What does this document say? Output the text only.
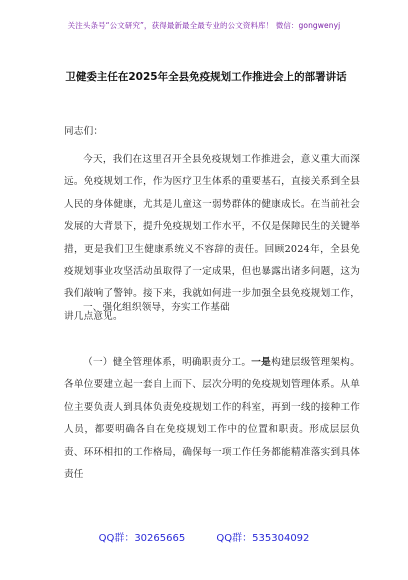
关注头条号“公文研究”，获得最新最全最专业的公文资料库！ 微信：gongwenyj
卫健委主任在2025年全县免疫规划工作推进会上的部署讲话
同志们：
今天，我们在这里召开全县免疫规划工作推进会，意义重大而深远。免疫规划工作，作为医疗卫生体系的重要基石，直接关系到全县人民的身体健康，尤其是儿童这一弱势群体的健康成长。在当前社会发展的大背景下，提升免疫规划工作水平，不仅是保障民生的关键举措，更是我们卫生健康系统义不容辞的责任。回顾2024年，全县免疫规划事业攻坚活动虽取得了一定成果，但也暴露出诸多问题，这为我们敲响了警钟。接下来，我就如何进一步加强全县免疫规划工作，讲几点意见。
一、强化组织领导，夯实工作基础
（一）健全管理体系，明确职责分工。一是构建层级管理架构。各单位要建立起一套自上而下、层次分明的免疫规划管理体系。从单位主要负责人到具体负责免疫规划工作的科室，再到一线的接种工作人员，都要明确各自在免疫规划工作中的位置和职责。形成层层负责、环环相扣的工作格局，确保每一项工作任务都能精准落实到具体责任
QQ群：30265665	QQ群：535304092
